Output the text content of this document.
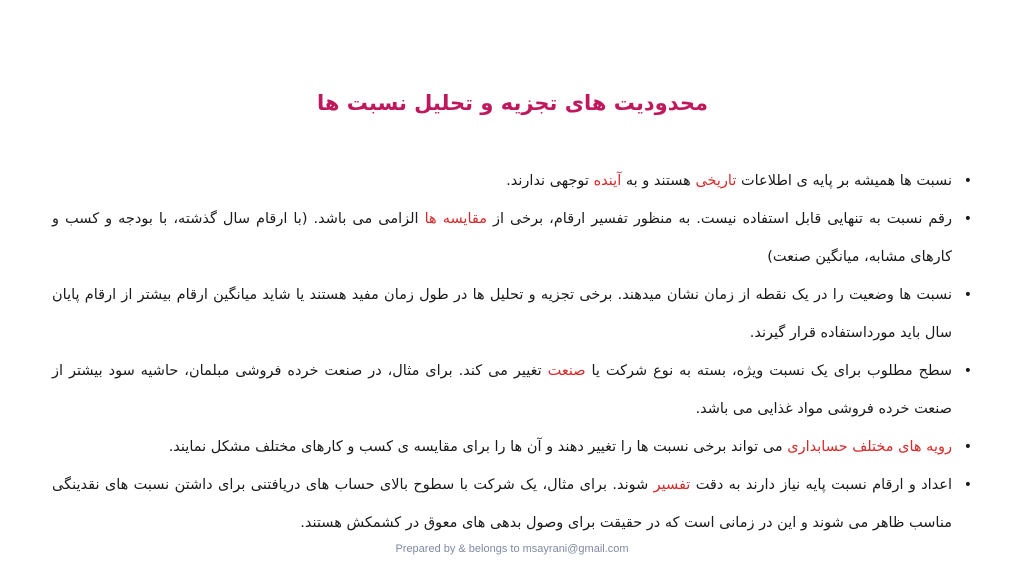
محدودیت های تجزیه و تحلیل نسبت ها
•
نسبت ها همیشه بر پایه ی اطلاعات تاریخی هستند و به آینده توجهی ندارند.
•
رقم نسبت به تنهایی قابل استفاده نیست. به منظور تفسیر ارقام، برخی از مقایسه ها الزامی می باشد. (با ارقام سال گذشته، با بودجه و کسب و کارهای مشابه، میانگین صنعت)
•
نسبت ها وضعیت را در یک نقطه از زمان نشان میدهند. برخی تجزیه و تحلیل ها در طول زمان مفید هستند یا شاید میانگین ارقام بیشتر از ارقام پایان سال باید مورداستفاده قرار گیرند.
•
سطح مطلوب برای یک نسبت ویژه، بسته به نوع شرکت یا صنعت تغییر می کند. برای مثال، در صنعت خرده فروشی مبلمان، حاشیه سود بیشتر از صنعت خرده فروشی مواد غذایی می باشد.
•
رویه های مختلف حسابداری می تواند برخی نسبت ها را تغییر دهند و آن ها را برای مقایسه ی کسب و کارهای مختلف مشکل نمایند.
•
اعداد و ارقام نسبت پایه نیاز دارند به دقت تفسیر شوند. برای مثال، یک شرکت با سطوح بالای حساب های دریافتنی برای داشتن نسبت های نقدینگی مناسب ظاهر می شوند و این در زمانی است که در حقیقت برای وصول بدهی های معوق در کشمکش هستند.
Prepared by & belongs to msayrani@gmail.com
